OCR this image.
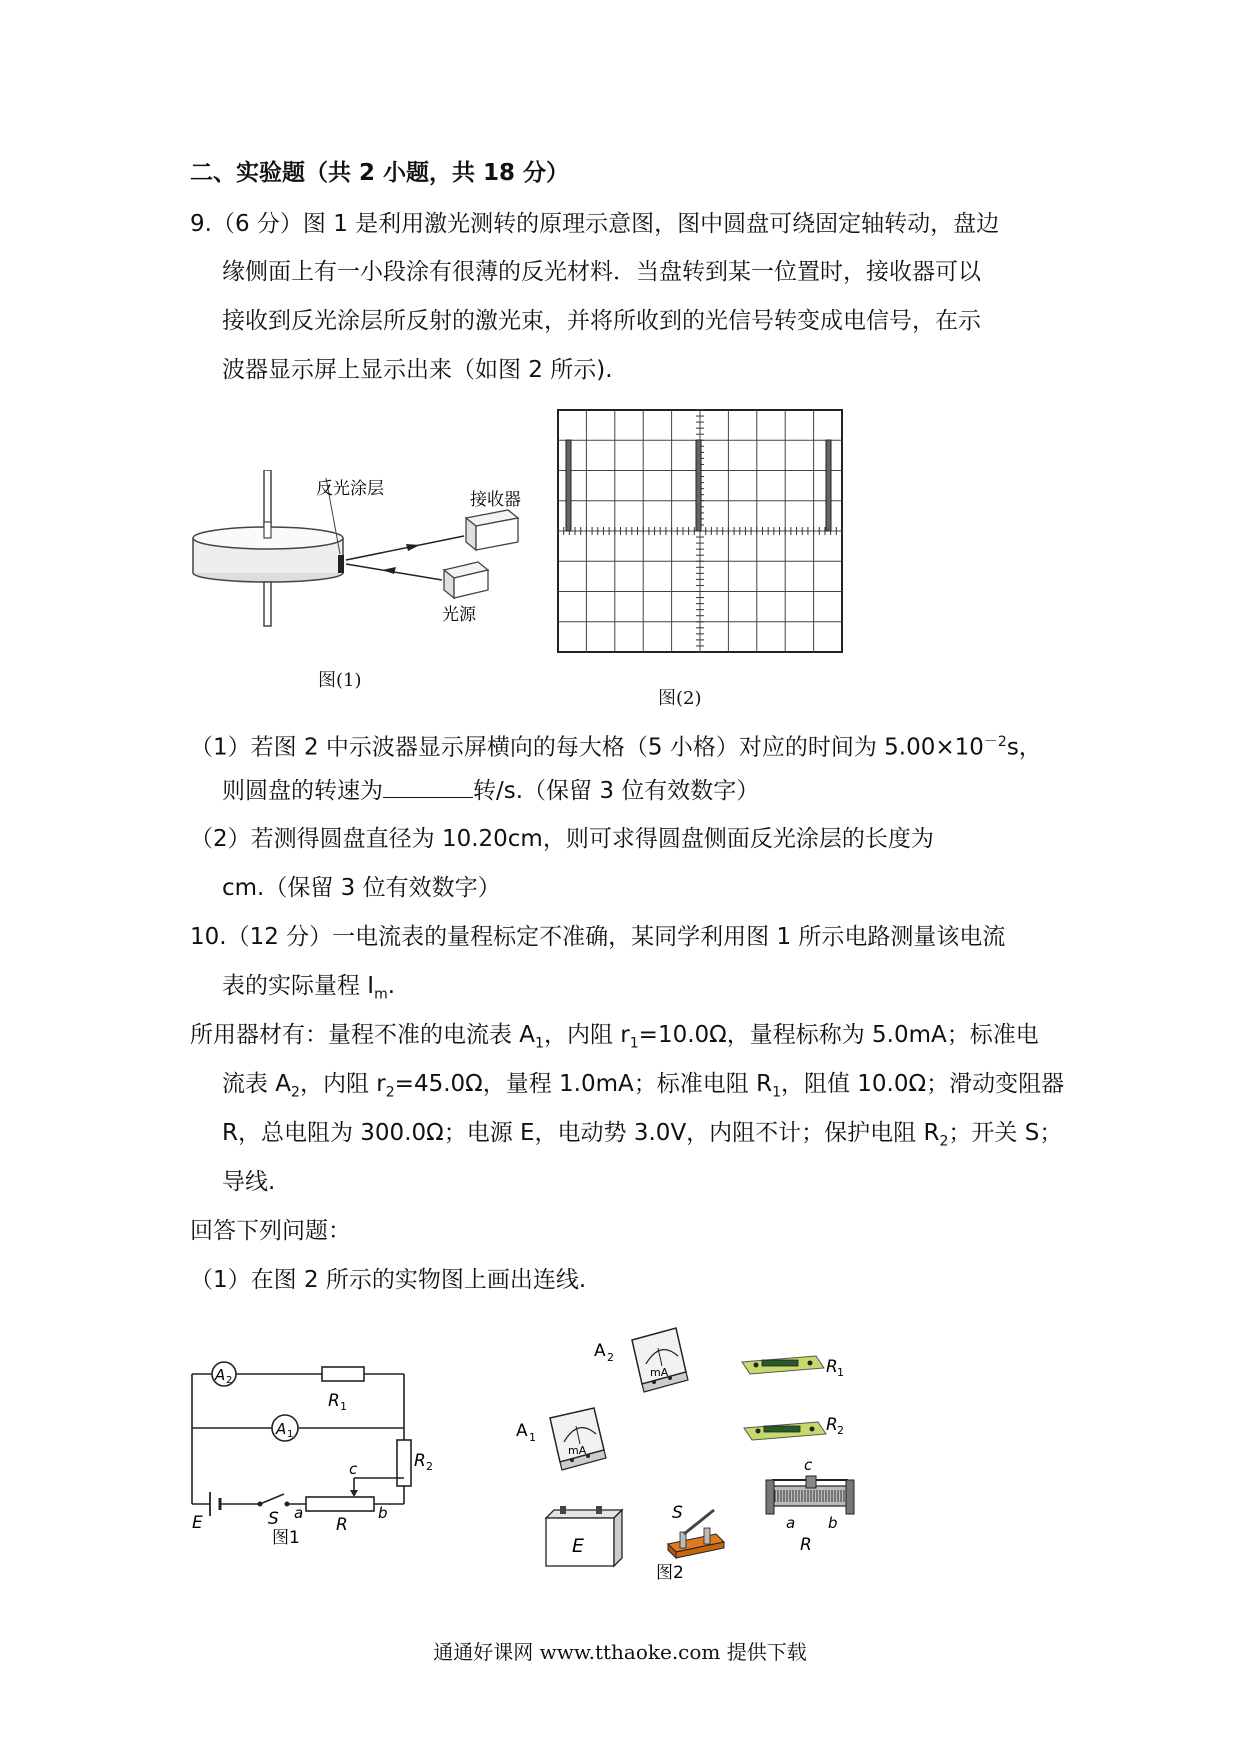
二、实验题（共 2 小题，共 18 分）
9.（6 分）图 1 是利用激光测转的原理示意图，图中圆盘可绕固定轴转动，盘边
缘侧面上有一小段涂有很薄的反光材料．当盘转到某一位置时，接收器可以
接收到反光涂层所反射的激光束，并将所收到的光信号转变成电信号，在示
波器显示屏上显示出来（如图 2 所示).
反光涂层
接收器
光源
图(1)
图(2)
（1）若图 2 中示波器显示屏横向的每大格（5 小格）对应的时间为 $5.00\times 10^{-2}s$，
则圆盘的转速为	转/s.（保留 3 位有效数字）
（2）若测得圆盘直径为 10.20cm，则可求得圆盘侧面反光涂层的长度为
cm.（保留 3 位有效数字）
10.（12 分）一电流表的量程标定不准确，某同学利用图 1 所示电路测量该电流
表的实际量程 $I_m$.
所用器材有：量程不准的电流表 $A_1$，内阻 $r_1=10.0\Omega$，量程标称为 5.0mA；标准电
流表 $A_2$，内阻 $r_2=45.0\Omega$，量程 1.0mA；标准电阻 $R_1$，阻值 10.0Ω；滑动变阻器
R，总电阻为 300.0Ω；电源 E，电动势 3.0V，内阻不计；保护电阻 $R_2$；开关 S；
导线.
回答下列问题：
（1）在图 2 所示的实物图上画出连线.
A 2
R 1
A 1
R 2
E	S
c
a	b
R
图1
mA
A 2
mA
A 1
R 1
R 2
c
a b
R
E
S
图2
通通好课网 www.tthaoke.com 提供下载
